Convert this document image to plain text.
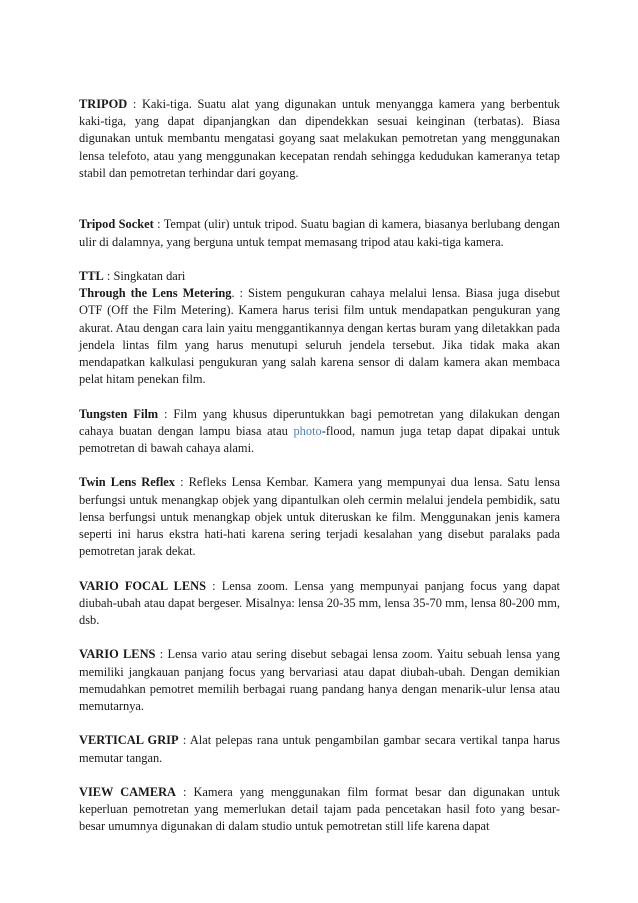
TRIPOD : Kaki-tiga. Suatu alat yang digunakan untuk menyangga kamera yang berbentuk kaki-tiga, yang dapat dipanjangkan dan dipendekkan sesuai keinginan (terbatas). Biasa digunakan untuk membantu mengatasi goyang saat melakukan pemotretan yang menggunakan lensa telefoto, atau yang menggunakan kecepatan rendah sehingga kedudukan kameranya tetap stabil dan pemotretan terhindar dari goyang.

Tripod Socket : Tempat (ulir) untuk tripod. Suatu bagian di kamera, biasanya berlubang dengan ulir di dalamnya, yang berguna untuk tempat memasang tripod atau kaki-tiga kamera.

TTL : Singkatan dari
Through the Lens Metering. : Sistem pengukuran cahaya melalui lensa. Biasa juga disebut OTF (Off the Film Metering). Kamera harus terisi film untuk mendapatkan pengukuran yang akurat. Atau dengan cara lain yaitu menggantikannya dengan kertas buram yang diletakkan pada jendela lintas film yang harus menutupi seluruh jendela tersebut. Jika tidak maka akan mendapatkan kalkulasi pengukuran yang salah karena sensor di dalam kamera akan membaca pelat hitam penekan film.

Tungsten Film : Film yang khusus diperuntukkan bagi pemotretan yang dilakukan dengan cahaya buatan dengan lampu biasa atau photo-flood, namun juga tetap dapat dipakai untuk pemotretan di bawah cahaya alami.

Twin Lens Reflex : Refleks Lensa Kembar. Kamera yang mempunyai dua lensa. Satu lensa berfungsi untuk menangkap objek yang dipantulkan oleh cermin melalui jendela pembidik, satu lensa berfungsi untuk menangkap objek untuk diteruskan ke film. Menggunakan jenis kamera seperti ini harus ekstra hati-hati karena sering terjadi kesalahan yang disebut paralaks pada pemotretan jarak dekat.

VARIO FOCAL LENS : Lensa zoom. Lensa yang mempunyai panjang focus yang dapat diubah-ubah atau dapat bergeser. Misalnya: lensa 20-35 mm, lensa 35-70 mm, lensa 80-200 mm, dsb.

VARIO LENS : Lensa vario atau sering disebut sebagai lensa zoom. Yaitu sebuah lensa yang memiliki jangkauan panjang focus yang bervariasi atau dapat diubah-ubah. Dengan demikian memudahkan pemotret memilih berbagai ruang pandang hanya dengan menarik-ulur lensa atau memutarnya.

VERTICAL GRIP : Alat pelepas rana untuk pengambilan gambar secara vertikal tanpa harus memutar tangan.

VIEW CAMERA : Kamera yang menggunakan film format besar dan digunakan untuk keperluan pemotretan yang memerlukan detail tajam pada pencetakan hasil foto yang besar-besar umumnya digunakan di dalam studio untuk pemotretan still life karena dapat
